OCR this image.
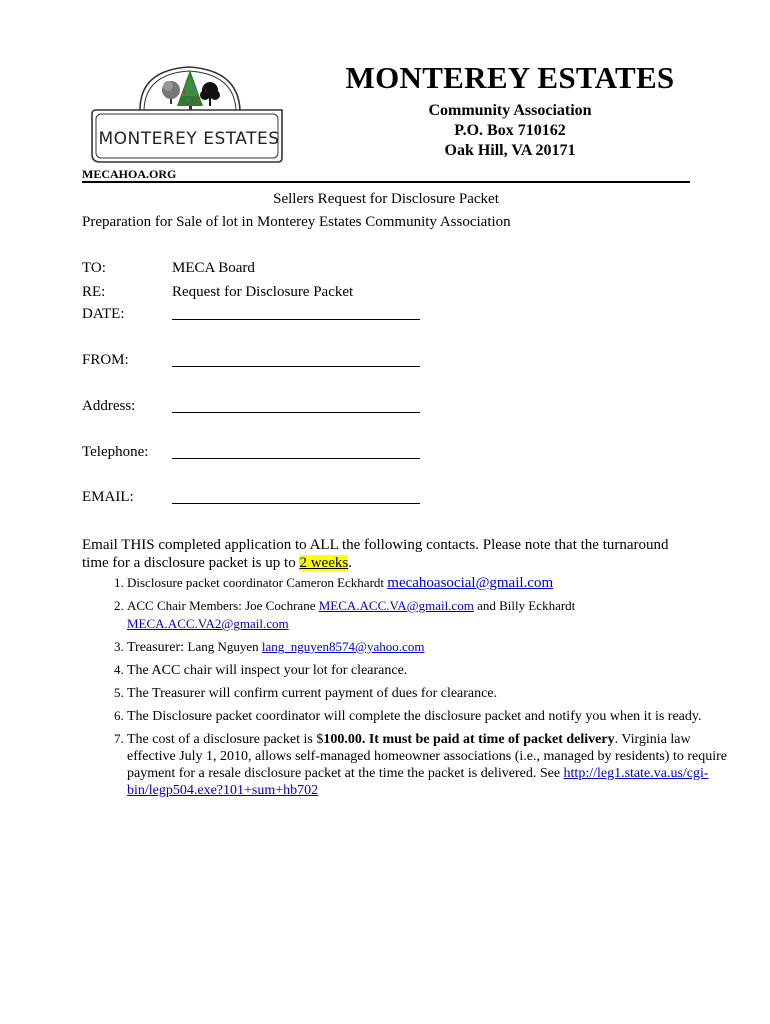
MONTEREY ESTATES
MONTEREY ESTATES
Community Association
P.O. Box 710162
Oak Hill, VA 20171
MECAHOA.ORG
Sellers Request for Disclosure Packet
Preparation for Sale of lot in Monterey Estates Community Association
TO:	MECA Board
RE:	Request for Disclosure Packet
DATE:
FROM:
Address:
Telephone:
EMAIL:
Email THIS completed application to ALL the following contacts. Please note that the turnaround time for a disclosure packet is up to 2 weeks.
1. Disclosure packet coordinator Cameron Eckhardt mecahoasocial@gmail.com
2. ACC Chair Members: Joe Cochrane MECA.ACC.VA@gmail.com and Billy Eckhardt MECA.ACC.VA2@gmail.com
3. Treasurer: Lang Nguyen lang_nguyen8574@yahoo.com
4. The ACC chair will inspect your lot for clearance.
5. The Treasurer will confirm current payment of dues for clearance.
6. The Disclosure packet coordinator will complete the disclosure packet and notify you when it is ready.
7. The cost of a disclosure packet is $100.00. It must be paid at time of packet delivery. Virginia law effective July 1, 2010, allows self-managed homeowner associations (i.e., managed by residents) to require payment for a resale disclosure packet at the time the packet is delivered. See http://leg1.state.va.us/cgi-bin/legp504.exe?101+sum+hb702
